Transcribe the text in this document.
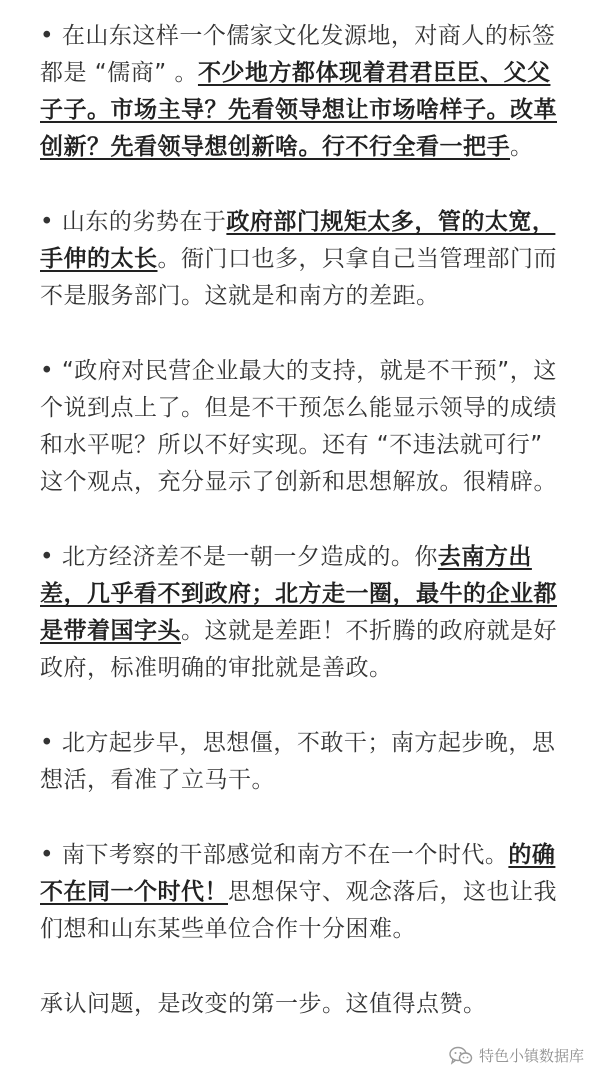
• 在山东这样一个儒家文化发源地，对商人的标签都是 “儒商” 。不少地方都体现着君君臣臣、父父子子。市场主导？先看领导想让市场啥样子。改革创新？先看领导想创新啥。行不行全看一把手。

• 山东的劣势在于政府部门规矩太多，管的太宽，手伸的太长。衙门口也多，只拿自己当管理部门而不是服务部门。这就是和南方的差距。

• “政府对民营企业最大的支持，就是不干预”，这个说到点上了。但是不干预怎么能显示领导的成绩和水平呢？所以不好实现。还有 “不违法就可行” 这个观点，充分显示了创新和思想解放。很精辟。

• 北方经济差不是一朝一夕造成的。你去南方出差，几乎看不到政府；北方走一圈，最牛的企业都是带着国字头。这就是差距！不折腾的政府就是好政府，标准明确的审批就是善政。

• 北方起步早，思想僵，不敢干；南方起步晚，思想活，看准了立马干。

• 南下考察的干部感觉和南方不在一个时代。的确不在同一个时代！思想保守、观念落后，这也让我们想和山东某些单位合作十分困难。

承认问题，是改变的第一步。这值得点赞。

特色小镇数据库
